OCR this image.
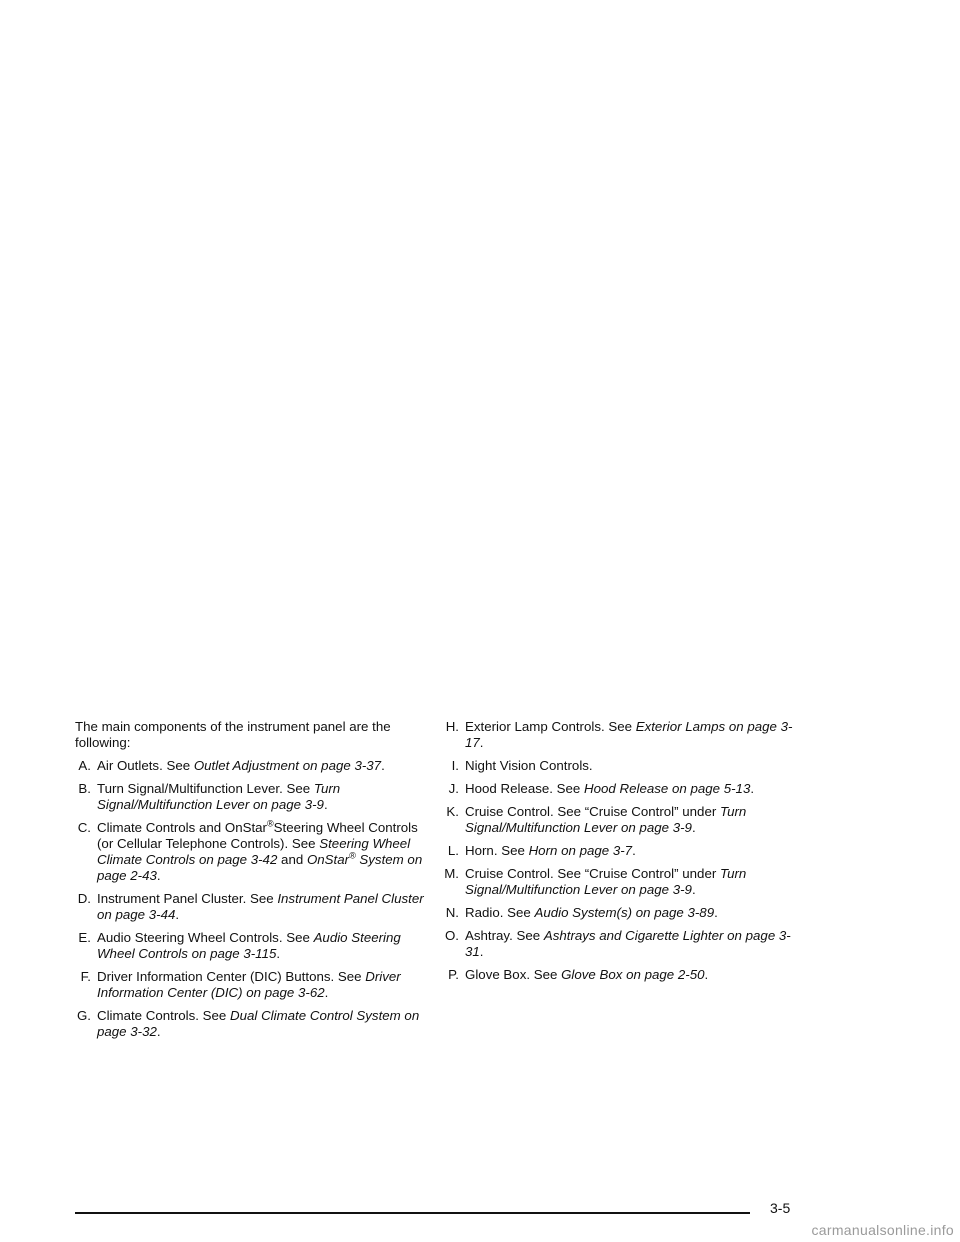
The main components of the instrument panel are the following:

A. Air Outlets. See Outlet Adjustment on page 3-37.
B. Turn Signal/Multifunction Lever. See Turn Signal/Multifunction Lever on page 3-9.
C. Climate Controls and OnStar®Steering Wheel Controls (or Cellular Telephone Controls). See Steering Wheel Climate Controls on page 3-42 and OnStar® System on page 2-43.
D. Instrument Panel Cluster. See Instrument Panel Cluster on page 3-44.
E. Audio Steering Wheel Controls. See Audio Steering Wheel Controls on page 3-115.
F. Driver Information Center (DIC) Buttons. See Driver Information Center (DIC) on page 3-62.
G. Climate Controls. See Dual Climate Control System on page 3-32.
H. Exterior Lamp Controls. See Exterior Lamps on page 3-17.
I. Night Vision Controls.
J. Hood Release. See Hood Release on page 5-13.
K. Cruise Control. See “Cruise Control” under Turn Signal/Multifunction Lever on page 3-9.
L. Horn. See Horn on page 3-7.
M. Cruise Control. See “Cruise Control” under Turn Signal/Multifunction Lever on page 3-9.
N. Radio. See Audio System(s) on page 3-89.
O. Ashtray. See Ashtrays and Cigarette Lighter on page 3-31.
P. Glove Box. See Glove Box on page 2-50.
3-5
carmanualsonline.info
